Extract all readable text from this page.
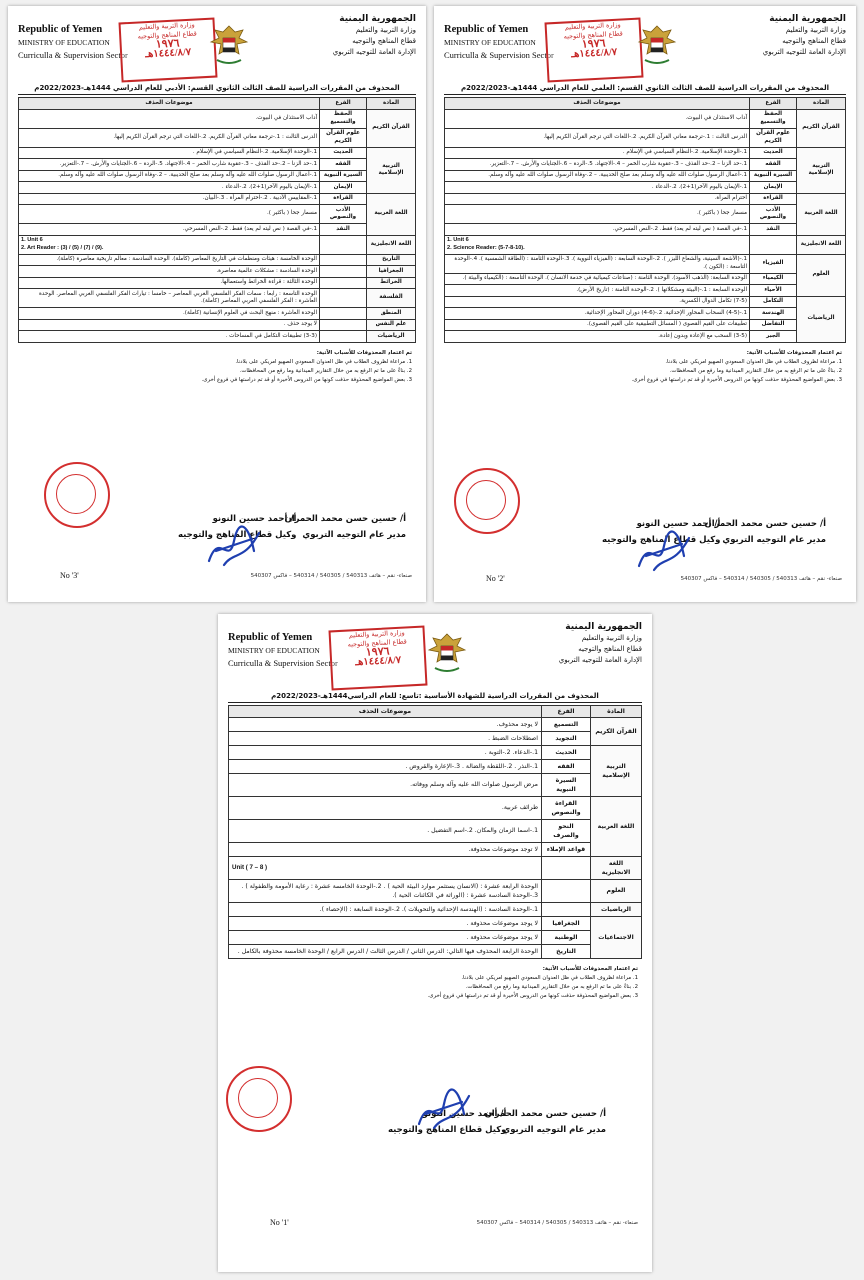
Republic of Yemen
MINISTRY OF EDUCATION
Curriculla & Supervision Sector
وزارة التربية والتعليم
قطاع المناهج والتوجيه
١٩٧٦
١٤٤٤/٨/٧هـ
الجمهورية اليمنية
وزارة التربية والتعليم
قطاع المناهج والتوجيه
الإدارة العامة للتوجيه التربوي
المحذوف من المقررات الدراسية للصف الثالث الثانوي القسم: الأدبي للعام الدراسي 1444هـ-2022/2023م
المادة	الفرع	موضوعات الحذف
القرآن الكريم	الحفظ والتسميع	آداب الاستئذان في البيوت.
	علوم القرآن الكريم	الدرس الثالث : 1.-ترجمة معاني القرآن الكريم. 2.-اللغات التي ترجم القرآن الكريم إليها.
التربية الإسلامية	الحديث	1.-الوحدة الإسلامية. 2.-النظام السياسي في الإسلام .
	الفقه	1.-حد الزنا – 2.-حد القذف – 3.-عقوبة شارب الخمر – 4.-الاجتهاد. 5.-الردة – 6.-الجنايات والأرش. – 7.-التعزير.
	السيرة النبوية	1.-أعمال الرسول صلوات الله عليه وآله وسلم بعد صلح الحديبية. – 2.-وفاة الرسول صلوات الله عليه وآله وسلم.
	الإيمان	1.-الإيمان باليوم الآخر(1+2). 2.-الدعاء .
اللغة العربية	القراءة	1.-المقاييس الأدبية . 2.-احترام المرأة . 3.-البيان.
	الأدب والنصوص	مسمار جحا ( باكثير ).
	النقد	1.-في القصة ( نص ليته لم يعد) فقط. 2.-النص المسرحي.
اللغة الانجليزية		1. Unit 6
2. Art Reader : (3) / (5) / (7) / (9).
التاريخ		الوحدة الخامسة : هيئات ومنظمات في التاريخ المعاصر (كاملة). الوحدة السادسة : معالم تاريخية معاصرة (كاملة).
الجغرافيا		الوحدة السادسة : مشكلات عالمية معاصرة.
الخرائط		الوحدة الثالثة : قراءة الخرائط واستعمالها.
الفلسفة		الوحدة التاسعة : رابعا : سمات الفكر الفلسفي الغربي المعاصر – خامسا : تيارات الفكر الفلسفي الغربي المعاصر. الوحدة العاشرة : الفكر الفلسفي العربي المعاصر (كاملة).
المنطق		الوحدة العاشرة : منهج البحث في العلوم الإنسانية (كاملة).
علم النفس		لا يوجد حذف .
الرياضيات		(3-3) تطبيقات التكامل في المساحات .
تم اعتماد المحذوفات للأسباب الآتية:
1. مراعاة لظروف الطلاب في ظل العدوان السعودي الصهيو امريكي على بلادنا.
2. بناءً على ما تم الرفع به من خلال التقارير الميدانية وما رفع من المحافظات.
3. بعض المواضيع المحذوفة حذفت كونها من الدروس الأخيرة أو قد تم دراستها في فروع أخرى.
أ/ أحمد حسين النونو
وكيل قطاع المناهج والتوجيه
أ/ حسين حسن محمد الحمران
مدير عام التوجيه التربوي
No '3'	صنعاء- نقم – هاتف 540313 / 540305 / 540314 – فاكس 540307
Republic of Yemen
MINISTRY OF EDUCATION
Curriculla & Supervision Sector
وزارة التربية والتعليم
قطاع المناهج والتوجيه
١٩٧٦
١٤٤٤/٨/٧هـ
الجمهورية اليمنية
وزارة التربية والتعليم
قطاع المناهج والتوجيه
الإدارة العامة للتوجيه التربوي
المحذوف من المقررات الدراسية للصف الثالث الثانوي القسم: العلمي للعام الدراسي 1444هـ-2022/2023م
المادة	الفرع	موضوعات الحذف
القرآن الكريم	الحفظ والتسميع	آداب الاستئذان في البيوت.
	علوم القرآن الكريم	الدرس الثالث : 1.-ترجمة معاني القرآن الكريم. 2.-اللغات التي ترجم القرآن الكريم إليها.
التربية الإسلامية	الحديث	1.-الوحدة الإسلامية. 2.-النظام السياسي في الإسلام .
	الفقه	1.-حد الزنا – 2.-حد القذف – 3.-عقوبة شارب الخمر – 4.-الاجتهاد. 5.-الردة – 6.-الجنايات والأرش. – 7.-التعزير.
	السيرة النبوية	1.-أعمال الرسول صلوات الله عليه وآله وسلم بعد صلح الحديبية. – 2.-وفاة الرسول صلوات الله عليه وآله وسلم.
	الإيمان	1.-الإيمان باليوم الآخر(1+2). 2.-الدعاء .
اللغة العربية	القراءة	احترام المرأة.
	الأدب والنصوص	مسمار جحا ( باكثير ).
	النقد	1.-في القصة ( نص ليته لم يعد) فقط. 2.-النص المسرحي.
اللغة الانجليزية		1. Unit 6
2. Science Reader: (5-7-8-10).
العلوم	الفيزياء	1.-(الأشعة السينية، والشعاع الليزر ). 2.-الوحدة السابعة : (الفيزياء النووية ). 3.-الوحدة الثامنة : (الطاقة الشمسية ). 4.-الوحدة التاسعة : (الكون ).
	الكيمياء	الوحدة السابعة: (الذهب الأسود). الوحدة الثامنة : (صناعات كيميائية في خدمة الانسان ). الوحدة التاسعة : (الكيمياء والبيئة ).
	الأحياء	الوحدة السابعة : 1.-(البيئة ومشكلاتها ). 2.-الوحدة الثامنة : (تاريخ الأرض).
الرياضيات	التكامل	(7-5) تكامل الدوال الكسرية.
	الهندسة	1.-(4-5) السحاب المحاور الإحداثية. 2.-(6-4) دوران المحاور الإحداثية.
	التفاضل	تطبيقات على القيم القصوى ( المسائل التطبيقية على القيم القصوى).
	الجبر	(3-5) السحب مع الإعادة وبدون إعادة.
تم اعتماد المحذوفات للأسباب الآتية:
1. مراعاة لظروف الطلاب في ظل العدوان السعودي الصهيو امريكي على بلادنا.
2. بناءً على ما تم الرفع به من خلال التقارير الميدانية وما رفع من المحافظات.
3. بعض المواضيع المحذوفة حذفت كونها من الدروس الأخيرة أو قد تم دراستها في فروع أخرى.
أ/ أحمد حسين النونو
وكيل قطاع المناهج والتوجيه
أ/ حسين حسن محمد الحمران
مدير عام التوجيه التربوي
No '2'	صنعاء- نقم – هاتف 540313 / 540305 / 540314 – فاكس 540307
Republic of Yemen
MINISTRY OF EDUCATION
Curriculla & Supervision Sector
وزارة التربية والتعليم
قطاع المناهج والتوجيه
١٩٧٦
١٤٤٤/٨/٧هـ
الجمهورية اليمنية
وزارة التربية والتعليم
قطاع المناهج والتوجيه
الإدارة العامة للتوجيه التربوي
المحذوف من المقررات الدراسية للشهادة الأساسية :تاسع: للعام الدراسي1444هـ-2022/2023م
المادة	الفرع	موضوعات الحذف
القرآن الكريم	التسميع	لا يوجد محذوف.
	التجويد	اصطلاحات الضبط .
التربية الإسلامية	الحديث	1.-الدعاء. 2.-التوبة .
	الفقه	1.-النذر . 2.-اللقطة والضالة . 3.-الإعارة والقروض .
	السيرة النبوية	مرض الرسول صلوات الله عليه وآله وسلم ووفاته.
اللغة العربية	القراءة والنصوص	طرائف عربية.
	النحو والصرف	1.-اسما الزمان والمكان. 2.-اسم التفضيل .
	قواعد الإملاء	لا توجد موضوعات محذوفة.
اللغة الانجليزية		Unit ( 7 – 8 )
العلوم		الوحدة الرابعة عشرة : (الانسان يستثمر موارد البيئة الحية ) . 2.-الوحدة الخامسة عشرة : رعاية الأمومة والطفولة ) . 3.-الوحدة السادسة عشرة : (الوراثة في الكائنات الحية ).
الرياضيات		1.-الوحدة السادسة : (الهندسة الإحداثية والتحويلات ). 2.-الوحدة السابعة : (الإحصاء ).
الاجتماعيات	الجغرافيا	لا يوجد موضوعات محذوفة .
	الوطنية	لا يوجد موضوعات محذوفة .
	التاريخ	الوحدة الرابعة المحذوف فيها التالي: الدرس الثاني / الدرس الثالث / الدرس الرابع / الوحدة الخامسة محذوفة بالكامل .
تم اعتماد المحذوفات للأسباب الآتية:
1. مراعاة لظروف الطلاب في ظل العدوان السعودي الصهيو امريكي على بلادنا.
2. بناءً على ما تم الرفع به من خلال التقارير الميدانية وما رفع من المحافظات.
3. بعض المواضيع المحذوفة حذفت كونها من الدروس الأخيرة أو قد تم دراستها في فروع أخرى.
أ/ أحمد حسين النونو
وكيل قطاع المناهج والتوجيه
أ/ حسين حسن محمد الحمران
مدير عام التوجيه التربوي
No '1'	صنعاء- نقم – هاتف 540313 / 540305 / 540314 – فاكس 540307
